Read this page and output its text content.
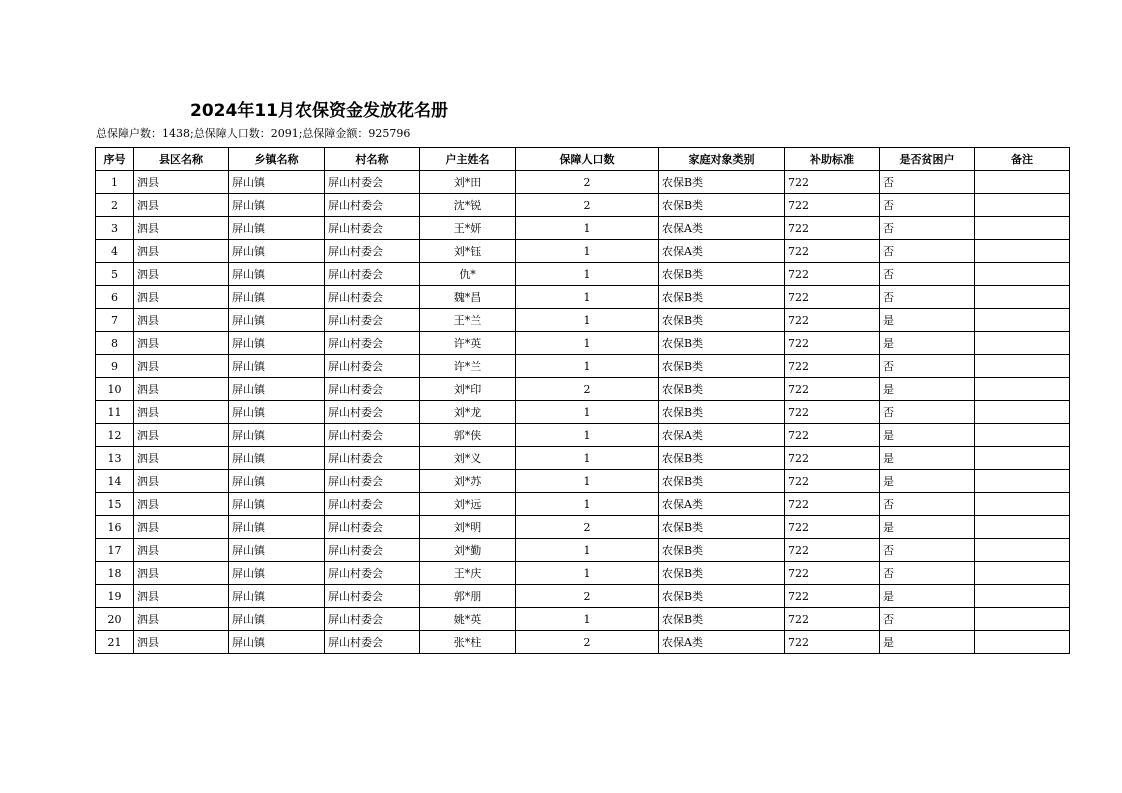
2024年11月农保资金发放花名册
总保障户数：1438;总保障人口数：2091;总保障金额：925796
序号	县区名称	乡镇名称	村名称	户主姓名	保障人口数	家庭对象类别	补助标准	是否贫困户	备注
1	泗县	屏山镇	屏山村委会	刘*田	2	农保B类	722	否	
2	泗县	屏山镇	屏山村委会	沈*锐	2	农保B类	722	否	
3	泗县	屏山镇	屏山村委会	王*妍	1	农保A类	722	否	
4	泗县	屏山镇	屏山村委会	刘*钰	1	农保A类	722	否	
5	泗县	屏山镇	屏山村委会	仇*	1	农保B类	722	否	
6	泗县	屏山镇	屏山村委会	魏*昌	1	农保B类	722	否	
7	泗县	屏山镇	屏山村委会	王*兰	1	农保B类	722	是	
8	泗县	屏山镇	屏山村委会	许*英	1	农保B类	722	是	
9	泗县	屏山镇	屏山村委会	许*兰	1	农保B类	722	否	
10	泗县	屏山镇	屏山村委会	刘*印	2	农保B类	722	是	
11	泗县	屏山镇	屏山村委会	刘*龙	1	农保B类	722	否	
12	泗县	屏山镇	屏山村委会	郭*侠	1	农保A类	722	是	
13	泗县	屏山镇	屏山村委会	刘*义	1	农保B类	722	是	
14	泗县	屏山镇	屏山村委会	刘*苏	1	农保B类	722	是	
15	泗县	屏山镇	屏山村委会	刘*远	1	农保A类	722	否	
16	泗县	屏山镇	屏山村委会	刘*明	2	农保B类	722	是	
17	泗县	屏山镇	屏山村委会	刘*勤	1	农保B类	722	否	
18	泗县	屏山镇	屏山村委会	王*庆	1	农保B类	722	否	
19	泗县	屏山镇	屏山村委会	郭*朋	2	农保B类	722	是	
20	泗县	屏山镇	屏山村委会	姚*英	1	农保B类	722	否	
21	泗县	屏山镇	屏山村委会	张*柱	2	农保A类	722	是	
